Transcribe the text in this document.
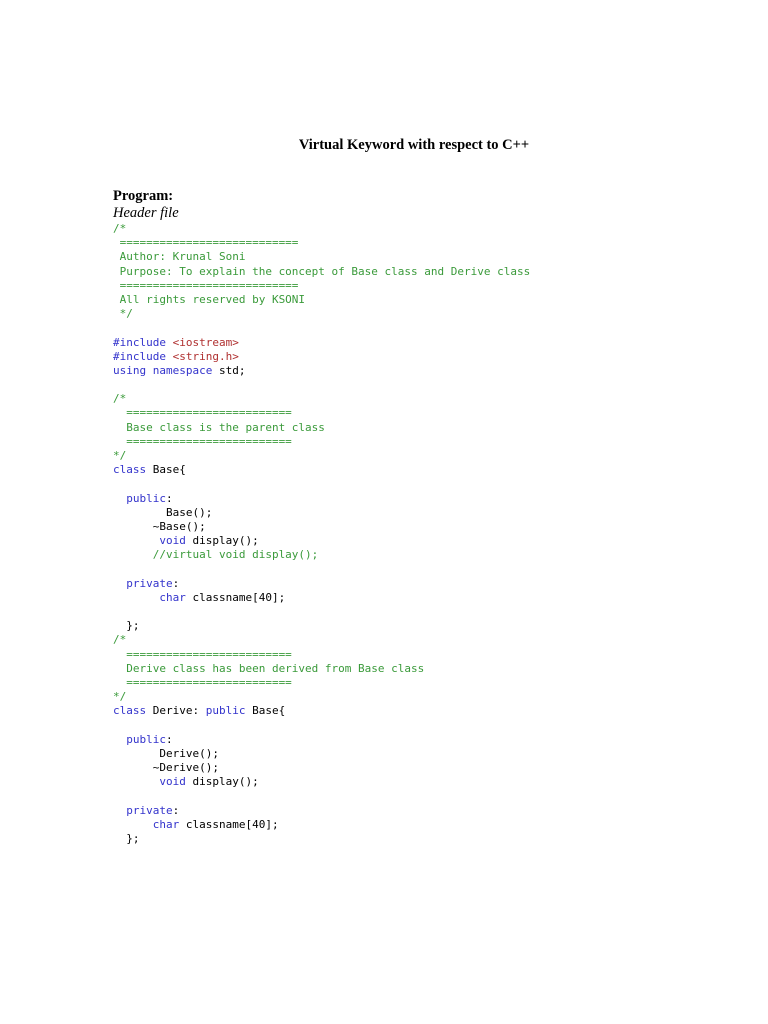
Virtual Keyword with respect to C++
Program:
Header file
/*
===========================
Author: Krunal Soni
Purpose: To explain the concept of Base class and Derive class
===========================
All rights reserved by KSONI
*/

#include <iostream>
#include <string.h>
using namespace std;

/*
=========================
Base class is the parent class
=========================
*/
class Base{

public:
Base();
~Base();
void display();
//virtual void display();

private:
char classname[40];

};
/*
=========================
Derive class has been derived from Base class
=========================
*/
class Derive: public Base{

public:
Derive();
~Derive();
void display();

private:
char classname[40];
};
